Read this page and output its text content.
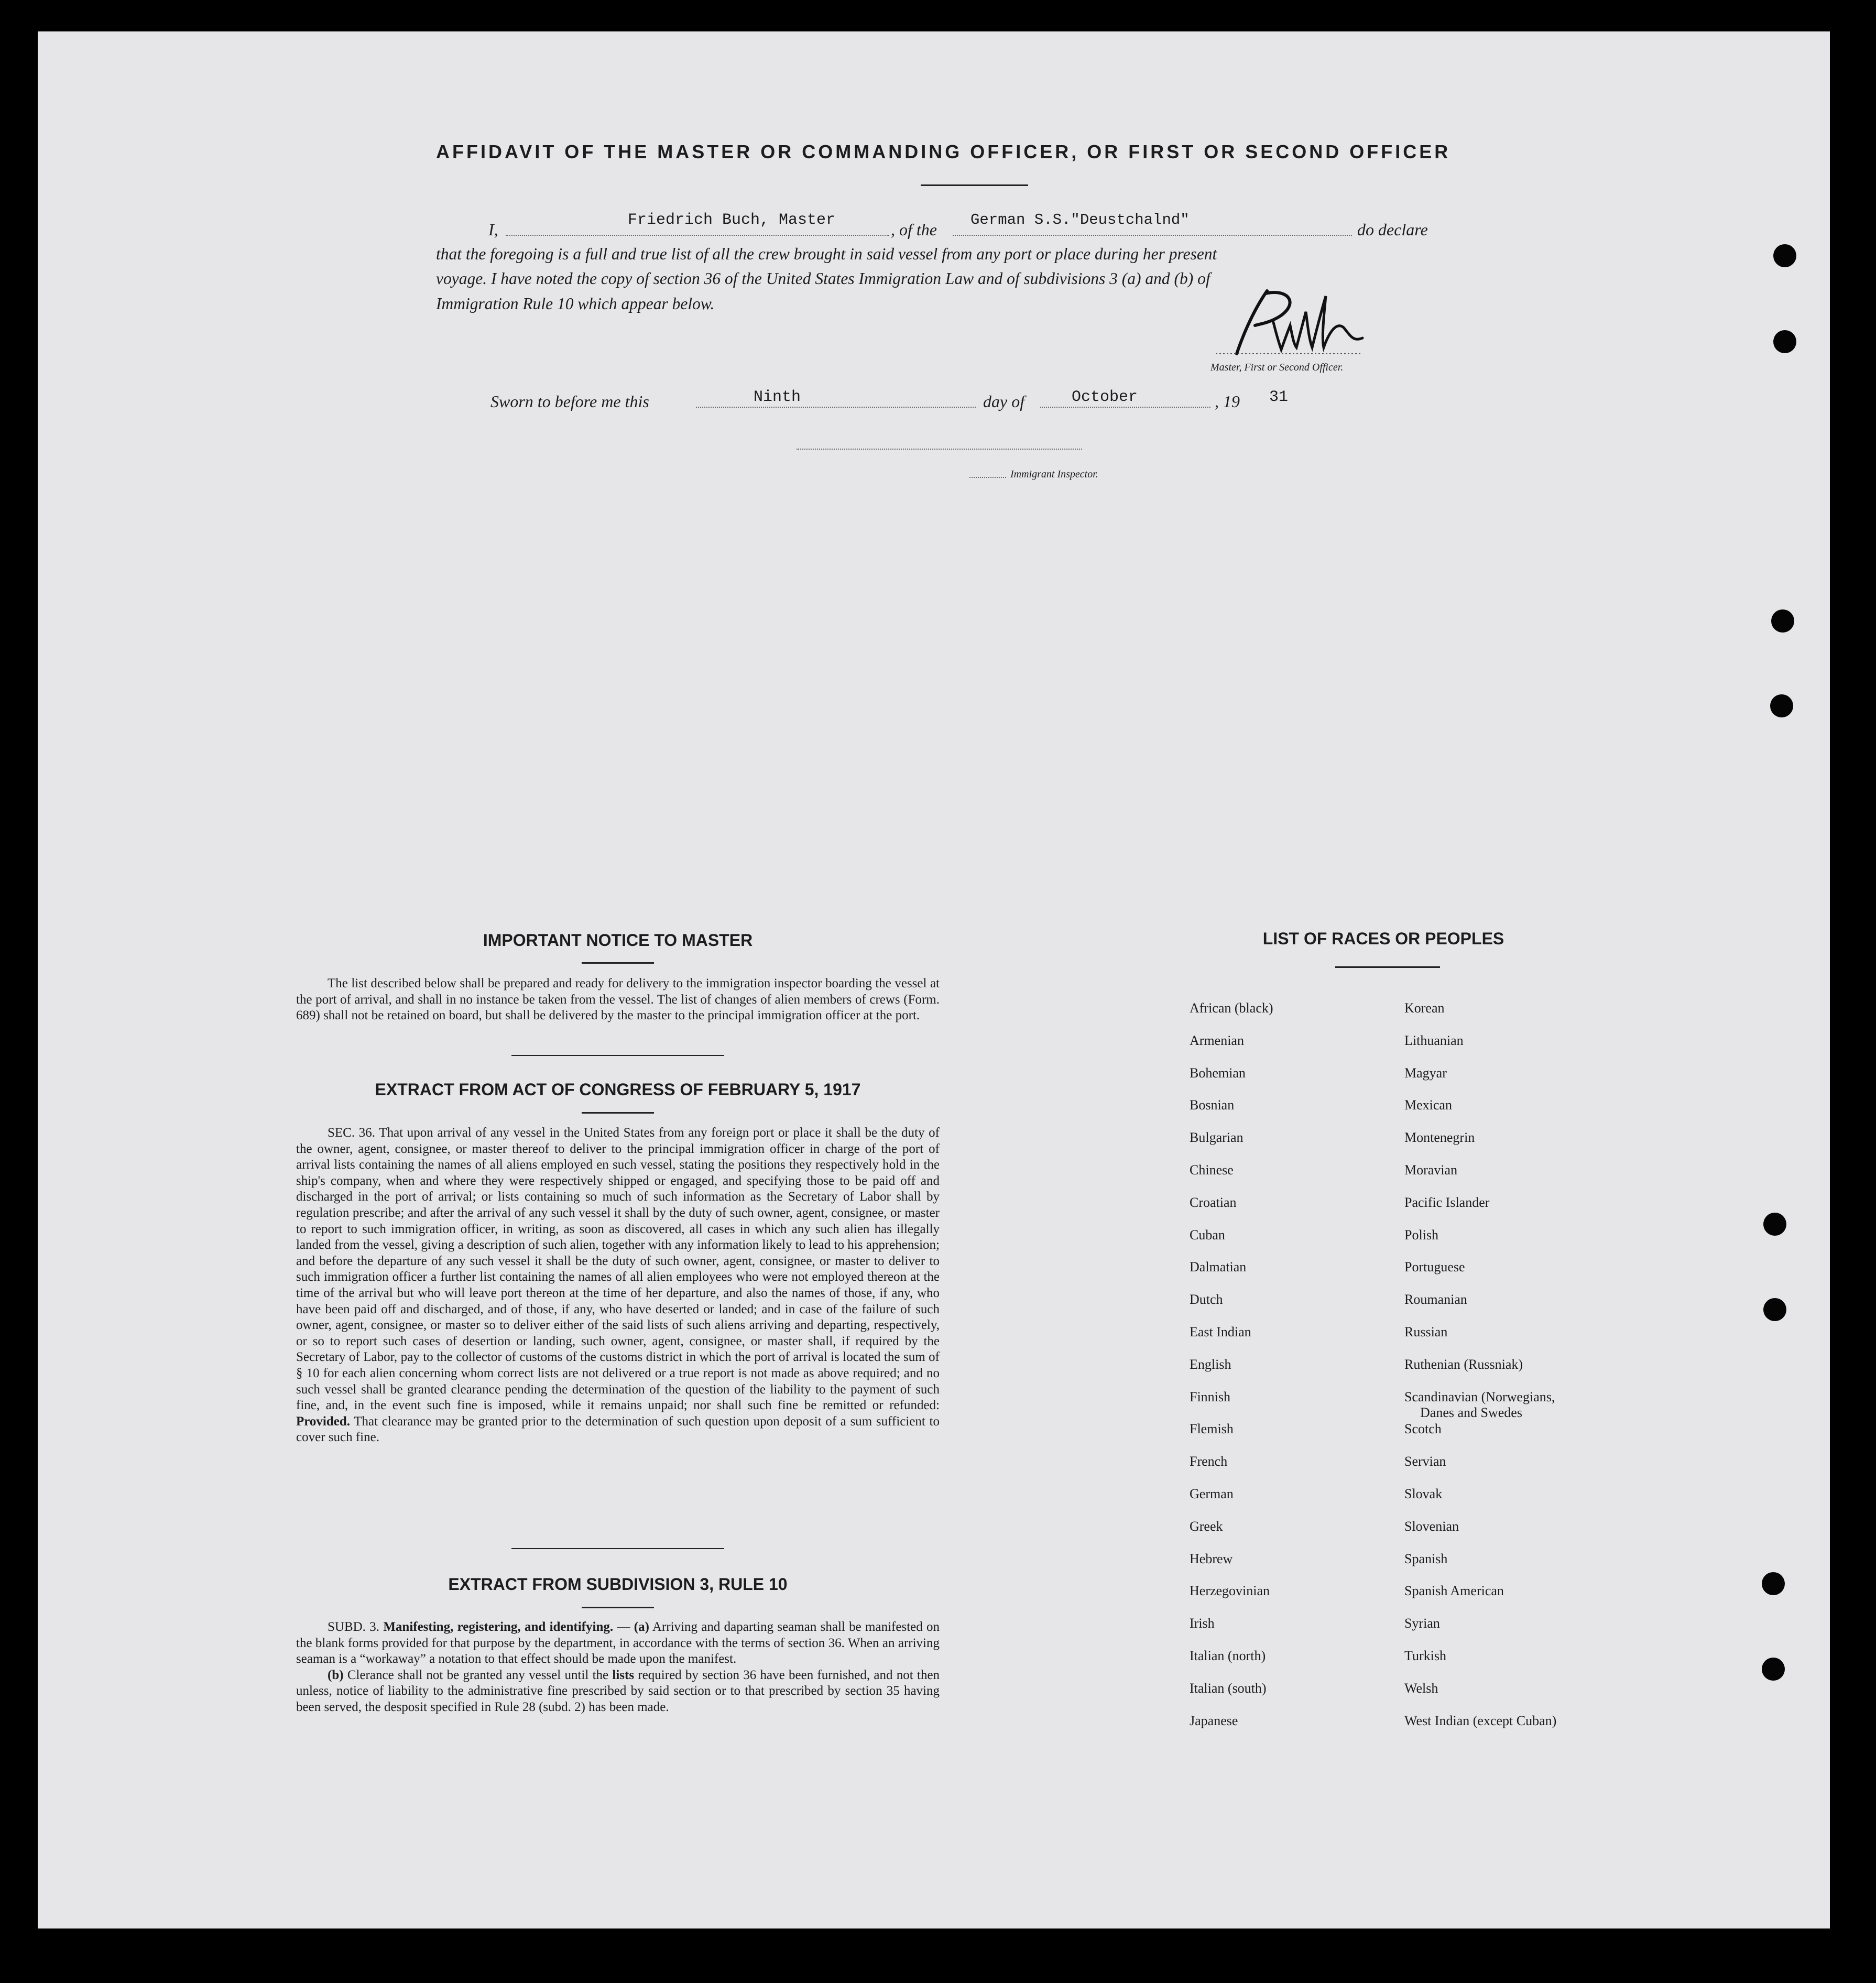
AFFIDAVIT OF THE MASTER OR COMMANDING OFFICER, OR FIRST OR SECOND OFFICER
I,	Friedrich Buch, Master	, of the
German S.S."Deustchalnd"
do declare
that the foregoing is a full and true list of all the crew brought in said vessel from any port or place during her present
voyage. I have noted the copy of section 36 of the United States Immigration Law and of subdivisions 3 (a) and (b) of
Immigration Rule 10 which appear below.
Master, First or Second Officer.
Sworn to before me this	Ninth	day of	October	, 19 31
Immigrant Inspector.
IMPORTANT NOTICE TO MASTER
The list described below shall be prepared and ready for delivery to the immigration inspector boarding the vessel at the port of arrival, and shall in no instance be taken from the vessel. The list of changes of alien members of crews (Form. 689) shall not be retained on board, but shall be delivered by the master to the principal immigration officer at the port.
EXTRACT FROM ACT OF CONGRESS OF FEBRUARY 5, 1917

SEC. 36. That upon arrival of any vessel in the United States from any foreign port or place it shall be the duty of the owner, agent, consignee, or master thereof to deliver to the principal immigration officer in charge of the port of arrival lists containing the names of all aliens employed en such vessel, stating the positions they respectively hold in the ship's company, when and where they were respectively shipped or engaged, and specifying those to be paid off and discharged in the port of arrival; or lists containing so much of such information as the Secretary of Labor shall by regulation prescribe; and after the arrival of any such vessel it shall by the duty of such owner, agent, consignee, or master to report to such immigration officer, in writing, as soon as discovered, all cases in which any such alien has illegally landed from the vessel, giving a description of such alien, together with any information likely to lead to his apprehension; and before the departure of any such vessel it shall be the duty of such owner, agent, consignee, or master to deliver to such immigration officer a further list containing the names of all alien employees who were not employed thereon at the time of the arrival but who will leave port thereon at the time of her departure, and also the names of those, if any, who have been paid off and discharged, and of those, if any, who have deserted or landed; and in case of the failure of such owner, agent, consignee, or master so to deliver either of the said lists of such aliens arriving and departing, respectively, or so to report such cases of desertion or landing, such owner, agent, consignee, or master shall, if required by the Secretary of Labor, pay to the collector of customs of the customs district in which the port of arrival is located the sum of § 10 for each alien concerning whom correct lists are not delivered or a true report is not made as above required; and no such vessel shall be granted clearance pending the determination of the question of the liability to the payment of such fine, and, in the event such fine is imposed, while it remains unpaid; nor shall such fine be remitted or refunded: Provided. That clearance may be granted prior to the determination of such question upon deposit of a sum sufficient to cover such fine.

EXTRACT FROM SUBDIVISION 3, RULE 10

SUBD. 3. Manifesting, registering, and identifying. — (a) Arriving and daparting seaman shall be manifested on the blank forms provided for that purpose by the department, in accordance with the terms of section 36. When an arriving seaman is a “workaway” a notation to that effect should be made upon the manifest.

(b) Clerance shall not be granted any vessel until the lists required by section 36 have been furnished, and not then unless, notice of liability to the administrative fine prescribed by said section or to that prescribed by section 35 having been served, the desposit specified in Rule 28 (subd. 2) has been made.

LIST OF RACES OR PEOPLES
African (black)
Armenian
Bohemian
Bosnian
Bulgarian
Chinese
Croatian
Cuban
Dalmatian
Dutch
East Indian
English
Finnish
Flemish
French
German
Greek
Hebrew
Herzegovinian
Irish
Italian (north)
Italian (south)
Japanese
Korean
Lithuanian
Magyar
Mexican
Montenegrin
Moravian
Pacific Islander
Polish
Portuguese
Roumanian
Russian
Ruthenian (Russniak)
Scandinavian (Norwegians,
Scotch
Servian
Slovak
Slovenian
Spanish
Spanish American
Syrian
Turkish
Welsh
West Indian (except Cuban)
Danes and Swedes
